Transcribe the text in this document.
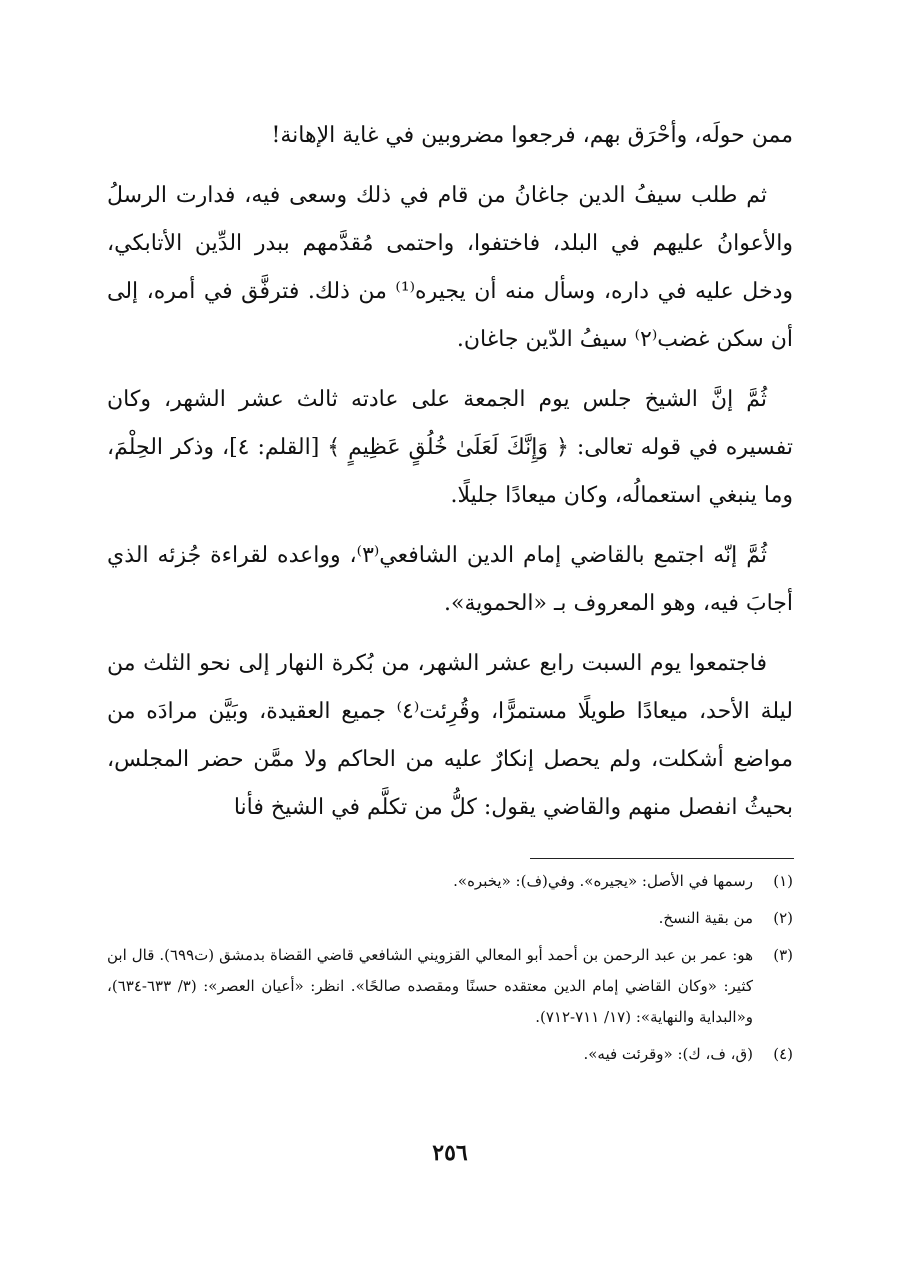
ممن حولَه، وأحْرَق بهم، فرجعوا مضروبين في غاية الإهانة!

ثم طلب سيفُ الدين جاغانُ من قام في ذلك وسعى فيه، فدارت الرسلُ والأعوانُ عليهم في البلد، فاختفوا، واحتمى مُقدَّمهم ببدر الدِّين الأتابكي، ودخل عليه في داره، وسأل منه أن يجيره⁽¹⁾ من ذلك. فترفَّق في أمره، إلى أن سكن غضب⁽٢⁾ سيفُ الدّين جاغان.

ثُمَّ إنَّ الشيخ جلس يوم الجمعة على عادته ثالث عشر الشهر، وكان تفسيره في قوله تعالى: ﴿ وَإِنَّكَ لَعَلَىٰ خُلُقٍ عَظِيمٍ ﴾ [القلم: ٤]، وذكر الحِلْمَ، وما ينبغي استعمالُه، وكان ميعادًا جليلًا.

ثُمَّ إنّه اجتمع بالقاضي إمام الدين الشافعي⁽٣⁾، وواعده لقراءة جُزئه الذي أجابَ فيه، وهو المعروف بـ «الحموية».

فاجتمعوا يوم السبت رابع عشر الشهر، من بُكرة النهار إلى نحو الثلث من ليلة الأحد، ميعادًا طويلًا مستمرًّا، وقُرِئت⁽٤⁾ جميع العقيدة، وبَيَّن مرادَه من مواضع أشكلت، ولم يحصل إنكارٌ عليه من الحاكم ولا ممَّن حضر المجلس، بحيثُ انفصل منهم والقاضي يقول: كلُّ من تكلَّم في الشيخ فأنا

(١)
رسمها في الأصل: «يجيره». وفي(ف): «يخبره».
(٢)
من بقية النسخ.
(٣)
هو: عمر بن عبد الرحمن بن أحمد أبو المعالي القزويني الشافعي قاضي القضاة بدمشق (ت٦٩٩). قال ابن كثير: «وكان القاضي إمام الدين معتقده حسنًا ومقصده صالحًا». انظر: «أعيان العصر»: (٣/ ٦٣٣-٦٣٤)، و«البداية والنهاية»: (١٧/ ٧١١-٧١٢).
(٤)
(ق، ف، ك): «وقرئت فيه».
٢٥٦
